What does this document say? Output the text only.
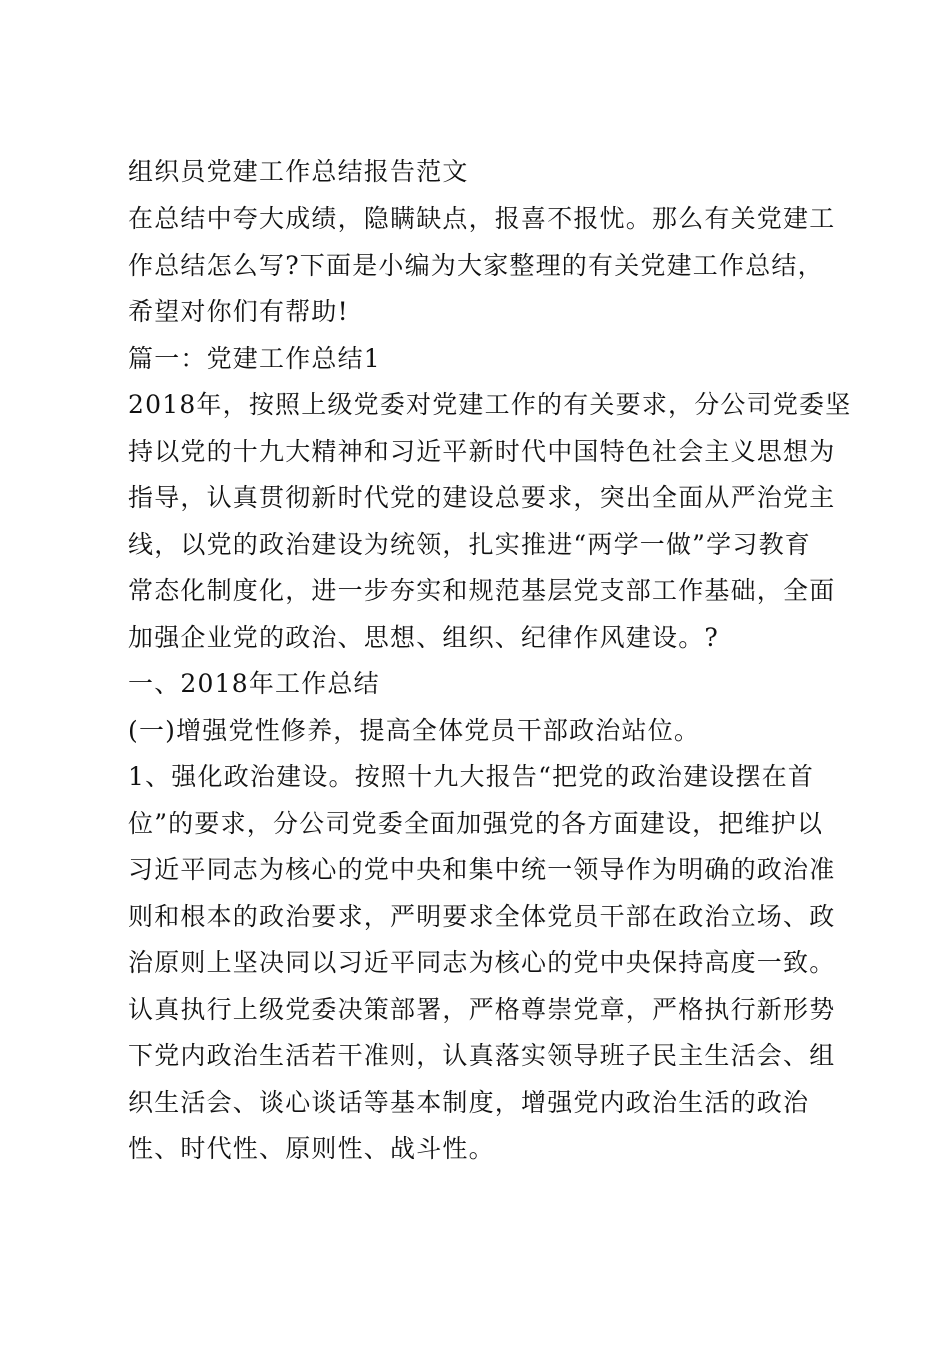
组织员党建工作总结报告范文
在总结中夸大成绩，隐瞒缺点，报喜不报忧。那么有关党建工
作总结怎么写?下面是小编为大家整理的有关党建工作总结，
希望对你们有帮助!
篇一：党建工作总结1
2018年，按照上级党委对党建工作的有关要求，分公司党委坚
持以党的十九大精神和习近平新时代中国特色社会主义思想为
指导，认真贯彻新时代党的建设总要求，突出全面从严治党主
线，以党的政治建设为统领，扎实推进“两学一做”学习教育
常态化制度化，进一步夯实和规范基层党支部工作基础，全面
加强企业党的政治、思想、组织、纪律作风建设。?
一、2018年工作总结
(一)增强党性修养，提高全体党员干部政治站位。
1、强化政治建设。按照十九大报告“把党的政治建设摆在首
位”的要求，分公司党委全面加强党的各方面建设，把维护以
习近平同志为核心的党中央和集中统一领导作为明确的政治准
则和根本的政治要求，严明要求全体党员干部在政治立场、政
治原则上坚决同以习近平同志为核心的党中央保持高度一致。
认真执行上级党委决策部署，严格尊崇党章，严格执行新形势
下党内政治生活若干准则，认真落实领导班子民主生活会、组
织生活会、谈心谈话等基本制度，增强党内政治生活的政治
性、时代性、原则性、战斗性。
